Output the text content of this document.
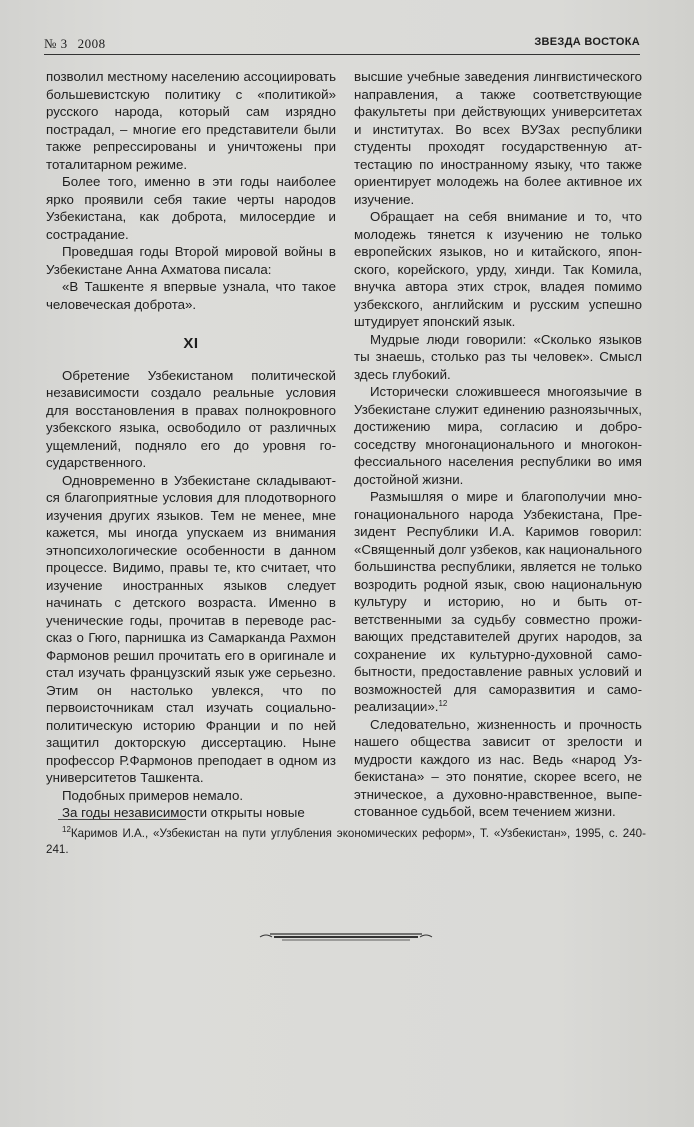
№ 3 2008	ЗВЕЗДА ВОСТОКА

позволил местному населению ассоциировать большевистскую политику с «политикой» русского народа, который сам изрядно пострадал, – многие его представители были также репрессированы и уничтожены при тоталитарном режиме.

Более того, именно в эти годы наиболее ярко проявили себя такие черты народов Узбекистана, как доброта, милосердие и сострадание.

Проведшая годы Второй мировой войны в Узбекистане Анна Ахматова писала:

«В Ташкенте я впервые узнала, что такое человеческая доброта».

XI

Обретение Узбекистаном политической независимости создало реальные условия для восстановления в правах полнокровного узбекского языка, освободило от различных ущемлений, подняло его до уровня государственного.

Одновременно в Узбекистане складываются благоприятные условия для плодотворного изучения других языков. Тем не менее, мне кажется, мы иногда упускаем из внимания этнопсихологические особенности в данном процессе. Видимо, правы те, кто считaет, что изучение иностранных языков следует начинать с детского возраста. Именно в ученические годы, прочитав в переводе рассказ о Гюго, парнишка из Самарканда Рахмон Фармонов решил прочитать его в оригинале и стал изучать французский язык уже серьезно. Этим он настолько увлекся, что по первоисточникам стал изучать социально-политическую историю Франции и по ней защитил докторскую диссертацию. Ныне профессор Р.Фармонов преподает в одном из университетов Ташкента.

Подобных примеров немало.

За годы независимости открыты новые

высшие учебные заведения лингвистического направления, а также соответствующие факультеты при действующих университетах и институтах. Во всех ВУЗах республики студенты проходят государственную аттестацию по иностранному языку, что также ориентирует молодежь на более активное их изучение.

Обращает на себя внимание и то, что молодежь тянется к изучению не только европейских языков, но и китайского, японского, корейского, урду, хинди. Так Комила, внучка автора этих строк, владея помимо узбекского, английским и русским успешно штудирует японский язык.

Мудрые люди говорили: «Сколько языков ты знаешь, столько раз ты человек». Смысл здесь глубокий.

Исторически сложившееся многоязычие в Узбекистане служит единению разноязычных, достижению мира, согласию и добрососедству многонационального и многоконфессиального населения республики во имя достойной жизни.

Размышляя о мире и благополучии многонационального народа Узбекистана, Президент Республики И.А. Каримов говорил: «Священный долг узбеков, как национального большинства республики, является не только возродить родной язык, свою национальную культуру и историю, но и быть ответственными за судьбу совместно проживающих представителей других народов, за сохранение их культурно-духовной самобытности, предоставление равных условий и возможностей для саморазвития и самореализации».$^{12}$

Следовательно, жизненность и прочность нашего общества зависит от зрелости и мудрости каждого из нас. Ведь «народ Узбекистана» – это понятие, скорее всего, не этническое, а духовно-нравственное, выпестованное судьбой, всем течением жизни.

$^{12}$Каримов И.А., «Узбекистан на пути углубления экономических реформ», Т. «Узбекистан», 1995, с. 240-241.
